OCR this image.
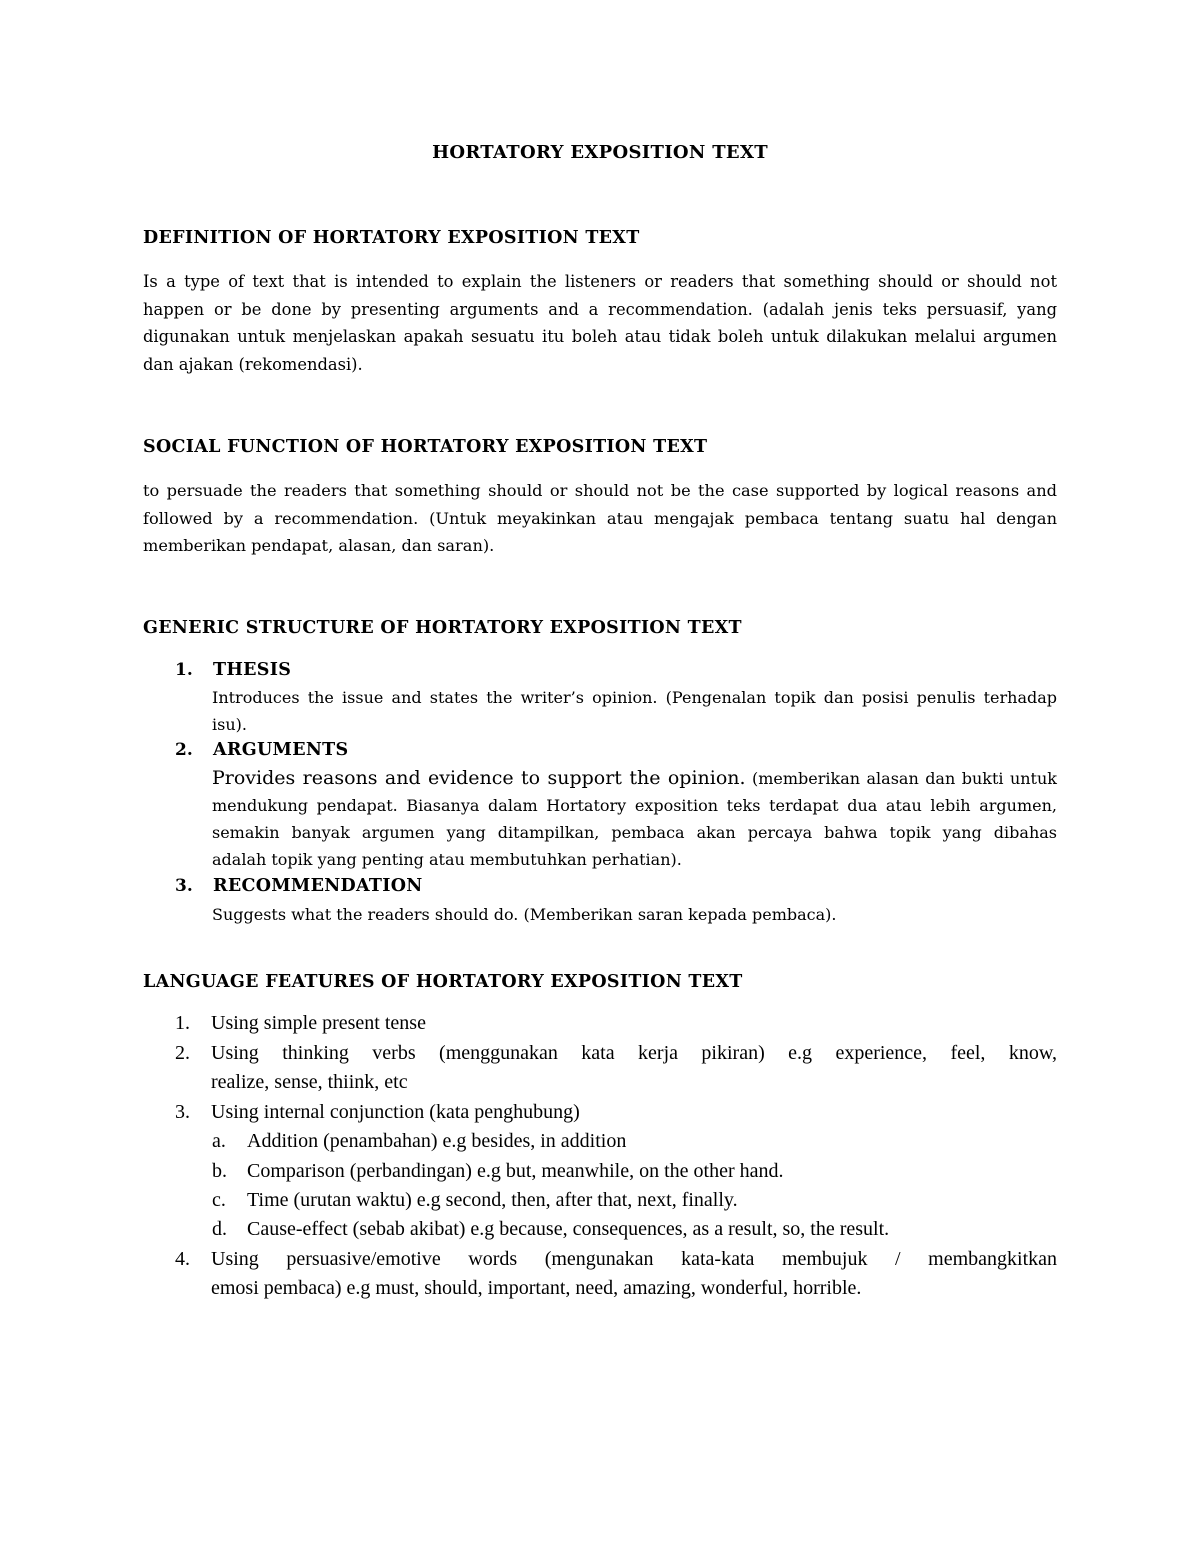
HORTATORY EXPOSITION TEXT
DEFINITION OF HORTATORY EXPOSITION TEXT
Is a type of text that is intended to explain the listeners or readers that something should or should not
happen or be done by presenting arguments and a recommendation. (adalah jenis teks persuasif, yang
digunakan untuk menjelaskan apakah sesuatu itu boleh atau tidak boleh untuk dilakukan melalui argumen
dan ajakan (rekomendasi).
SOCIAL FUNCTION OF HORTATORY EXPOSITION TEXT
to persuade the readers that something should or should not be the case supported by logical reasons and
followed by a recommendation. (Untuk meyakinkan atau mengajak pembaca tentang suatu hal dengan
memberikan pendapat, alasan, dan saran).
GENERIC STRUCTURE OF HORTATORY EXPOSITION TEXT
1.	THESIS
Introduces the issue and states the writer’s opinion. (Pengenalan topik dan posisi penulis terhadap
isu).
2.	ARGUMENTS
Provides reasons and evidence to support the opinion. (memberikan alasan dan bukti untuk
mendukung pendapat. Biasanya dalam Hortatory exposition teks terdapat dua atau lebih argumen,
semakin banyak argumen yang ditampilkan, pembaca akan percaya bahwa topik yang dibahas
adalah topik yang penting atau membutuhkan perhatian).
3.	RECOMMENDATION
Suggests what the readers should do. (Memberikan saran kepada pembaca).
LANGUAGE FEATURES OF HORTATORY EXPOSITION TEXT
1. Using simple present tense
2. Using thinking verbs (menggunakan kata kerja pikiran) e.g experience, feel, know,
realize, sense, thiink, etc
3. Using internal conjunction (kata penghubung)
a. Addition (penambahan) e.g besides, in addition
b. Comparison (perbandingan) e.g but, meanwhile, on the other hand.
c. Time (urutan waktu) e.g second, then, after that, next, finally.
d. Cause-effect (sebab akibat) e.g because, consequences, as a result, so, the result.
4. Using persuasive/emotive words (mengunakan kata-kata membujuk / membangkitkan
emosi pembaca) e.g must, should, important, need, amazing, wonderful, horrible.
